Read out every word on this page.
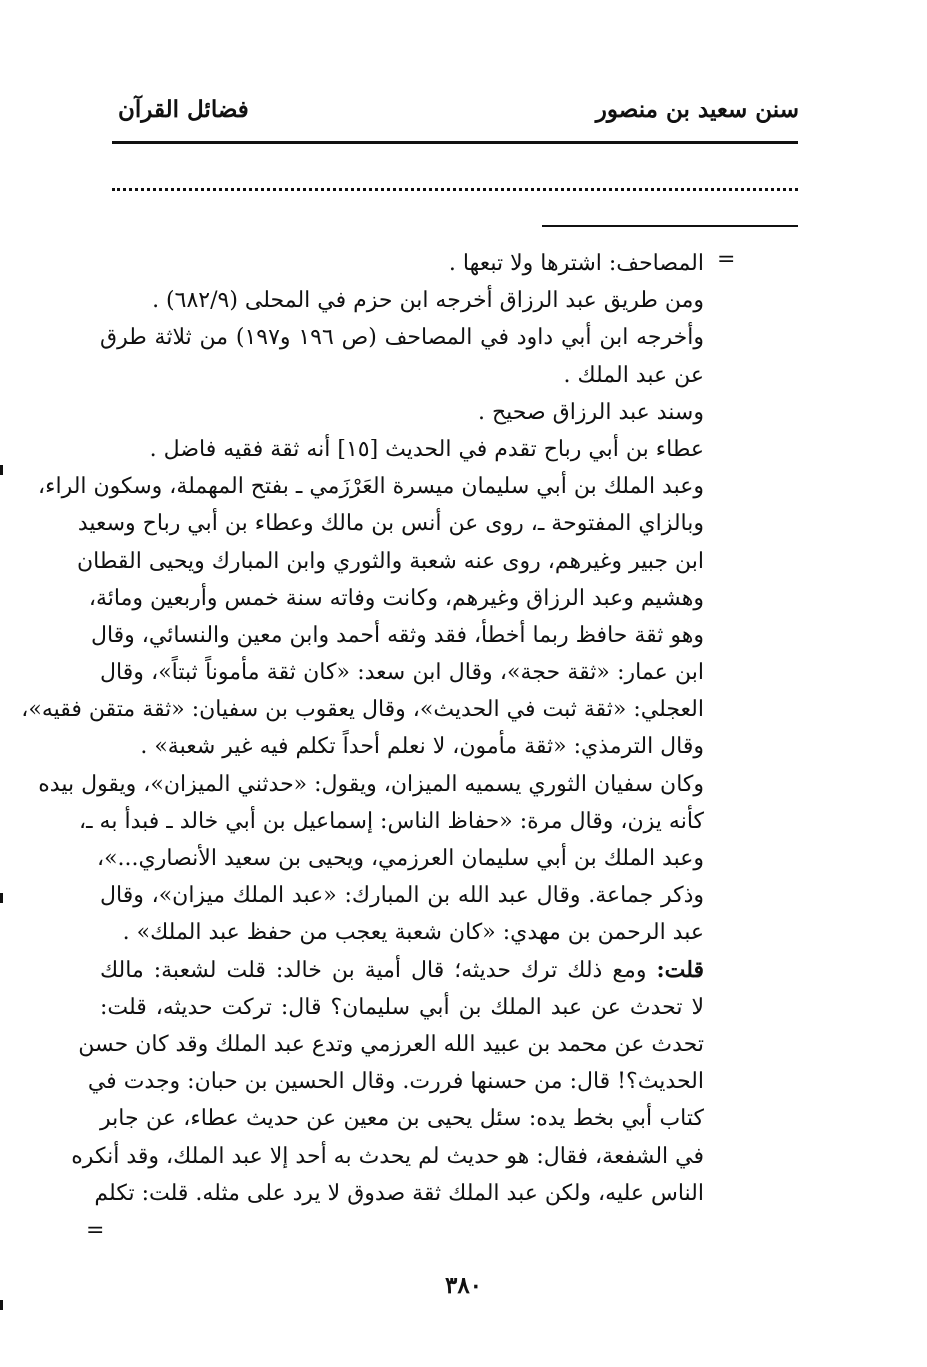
سنن سعيد بن منصور
فضائل القرآن
=
المصاحف: اشترها ولا تبعها .
ومن طريق عبد الرزاق أخرجه ابن حزم في المحلى (٦٨٢/٩) .
وأخرجه ابن أبي داود في المصاحف (ص ١٩٦ و١٩٧) من ثلاثة طرق
عن عبد الملك .
وسند عبد الرزاق صحيح .
عطاء بن أبي رباح تقدم في الحديث [١٥] أنه ثقة فقيه فاضل .
وعبد الملك بن أبي سليمان ميسرة العَرْزَمي ـ بفتح المهملة، وسكون الراء،
وبالزاي المفتوحة ـ، روى عن أنس بن مالك وعطاء بن أبي رباح وسعيد
ابن جبير وغيرهم، روى عنه شعبة والثوري وابن المبارك ويحيى القطان
وهشيم وعبد الرزاق وغيرهم، وكانت وفاته سنة خمس وأربعين ومائة،
وهو ثقة حافظ ربما أخطأ، فقد وثقه أحمد وابن معين والنسائي، وقال
ابن عمار: «ثقة حجة»، وقال ابن سعد: «كان ثقة مأموناً ثبتاً»، وقال
العجلي: «ثقة ثبت في الحديث»، وقال يعقوب بن سفيان: «ثقة متقن فقيه»،
وقال الترمذي: «ثقة مأمون، لا نعلم أحداً تكلم فيه غير شعبة» .
وكان سفيان الثوري يسميه الميزان، ويقول: «حدثني الميزان»، ويقول بيده
كأنه يزن، وقال مرة: «حفاظ الناس: إسماعيل بن أبي خالد ـ فبدأ به ـ،
وعبد الملك بن أبي سليمان العرزمي، ويحيى بن سعيد الأنصاري...»،
وذكر جماعة. وقال عبد الله بن المبارك: «عبد الملك ميزان»، وقال
عبد الرحمن بن مهدي: «كان شعبة يعجب من حفظ عبد الملك» .
قلت: ومع ذلك ترك حديثه؛ قال أمية بن خالد: قلت لشعبة: مالك
لا تحدث عن عبد الملك بن أبي سليمان؟ قال: تركت حديثه، قلت:
تحدث عن محمد بن عبيد الله العرزمي وتدع عبد الملك وقد كان حسن
الحديث؟! قال: من حسنها فررت. وقال الحسين بن حبان: وجدت في
كتاب أبي بخط يده: سئل يحيى بن معين عن حديث عطاء، عن جابر
في الشفعة، فقال: هو حديث لم يحدث به أحد إلا عبد الملك، وقد أنكره
الناس عليه، ولكن عبد الملك ثقة صدوق لا يرد على مثله. قلت: تكلم
=
٣٨٠
